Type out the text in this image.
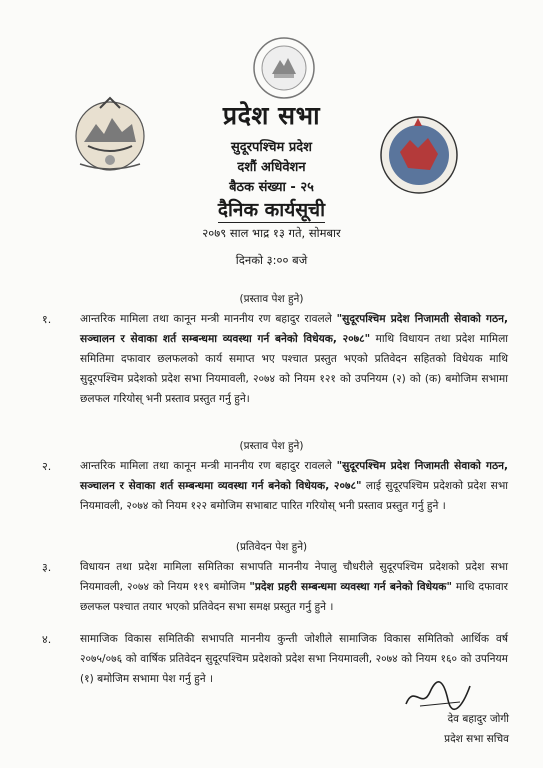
प्रदेश सभा
सुदूरपश्चिम प्रदेश
दशौं अधिवेशन
बैठक संख्या - २५
दैनिक कार्यसूची
२०७९ साल भाद्र १३ गते, सोमबार
दिनको ३:०० बजे
(प्रस्ताव पेश हुने)
१.	आन्तरिक मामिला तथा कानून मन्त्री माननीय रण बहादुर रावलले "सुदूरपश्चिम प्रदेश निजामती सेवाको गठन, सञ्चालन र सेवाका शर्त सम्बन्धमा व्यवस्था गर्न बनेको विधेयक, २०७८" माथि विधायन तथा प्रदेश मामिला समितिमा दफावार छलफलको कार्य समाप्त भए पश्चात प्रस्तुत भएको प्रतिवेदन सहितको विधेयक माथि सुदूरपश्चिम प्रदेशको प्रदेश सभा नियमावली, २०७४ को नियम १२१ को उपनियम (२) को (क) बमोजिम सभामा छलफल गरियोस् भनी प्रस्ताव प्रस्तुत गर्नु हुने।
(प्रस्ताव पेश हुने)
२.	आन्तरिक मामिला तथा कानून मन्त्री माननीय रण बहादुर रावलले "सुदूरपश्चिम प्रदेश निजामती सेवाको गठन, सञ्चालन र सेवाका शर्त सम्बन्धमा व्यवस्था गर्न बनेको विधेयक, २०७८" लाई सुदूरपश्चिम प्रदेशको प्रदेश सभा नियमावली, २०७४ को नियम १२२ बमोजिम सभाबाट पारित गरियोस् भनी प्रस्ताव प्रस्तुत गर्नु हुने ।
(प्रतिवेदन पेश हुने)
३.	विधायन तथा प्रदेश मामिला समितिका सभापति माननीय नेपालु चौधरीले सुदूरपश्चिम प्रदेशको प्रदेश सभा नियमावली, २०७४ को नियम ११९ बमोजिम "प्रदेश प्रहरी सम्बन्धमा व्यवस्था गर्न बनेको विधेयक" माथि दफावार छलफल पश्चात तयार भएको प्रतिवेदन सभा समक्ष प्रस्तुत गर्नु हुने ।
४.	सामाजिक विकास समितिकी सभापति माननीय कुन्ती जोशीले सामाजिक विकास समितिको आर्थिक वर्ष २०७५/०७६ को वार्षिक प्रतिवेदन सुदूरपश्चिम प्रदेशको प्रदेश सभा नियमावली, २०७४ को नियम १६० को उपनियम (१) बमोजिम सभामा पेश गर्नु हुने ।
देव बहादुर जोगी
प्रदेश सभा सचिव
